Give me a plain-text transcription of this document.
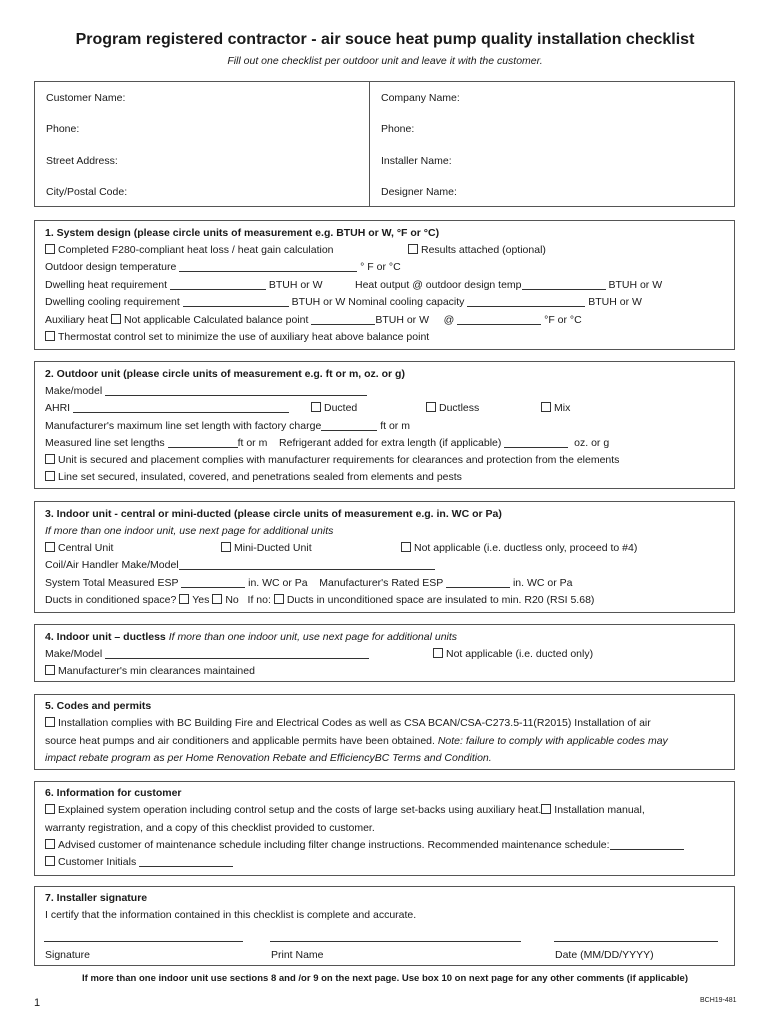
Program registered contractor - air souce heat pump quality installation checklist
Fill out one checklist per outdoor unit and leave it with the customer.
Customer Name:
Phone:
Street Address:
City/Postal Code:
Company Name:
Phone:
Installer Name:
Designer Name:
1. System design (please circle units of measurement e.g. BTUH or W, °F or °C)
Completed F280-compliant heat loss / heat gain calculation	Results attached (optional)
Outdoor design temperature	° F or °C
Dwelling heat requirement	BTUH or W	Heat output @ outdoor design temp	BTUH or W
Dwelling cooling requirement	BTUH or W Nominal cooling capacity	BTUH or W
Auxiliary heat Not applicable Calculated balance point	BTUH or W @	°F or °C
Thermostat control set to minimize the use of auxiliary heat above balance point
2. Outdoor unit (please circle units of measurement e.g. ft or m, oz. or g)
Make/model
AHRI	Ducted	Ductless	Mix
Manufacturer's maximum line set length with factory charge	ft or m
Measured line set lengths	ft or m Refrigerant added for extra length (if applicable)	oz. or g
Unit is secured and placement complies with manufacturer requirements for clearances and protection from the elements
Line set secured, insulated, covered, and penetrations sealed from elements and pests
3. Indoor unit - central or mini-ducted (please circle units of measurement e.g. in. WC or Pa)
If more than one indoor unit, use next page for additional units
Central Unit	Mini-Ducted Unit	Not applicable (i.e. ductless only, proceed to #4)
Coil/Air Handler Make/Model
System Total Measured ESP	in. WC or Pa Manufacturer's Rated ESP	in. WC or Pa
Ducts in conditioned space? Yes No If no: Ducts in unconditioned space are insulated to min. R20 (RSI 5.68)
4. Indoor unit – ductless If more than one indoor unit, use next page for additional units
Make/Model	Not applicable (i.e. ducted only)
Manufacturer's min clearances maintained
5. Codes and permits
Installation complies with BC Building Fire and Electrical Codes as well as CSA BCAN/CSA-C273.5-11(R2015) Installation of air
source heat pumps and air conditioners and applicable permits have been obtained. Note: failure to comply with applicable codes may
impact rebate program as per Home Renovation Rebate and EfficiencyBC Terms and Condition.
6. Information for customer
Explained system operation including control setup and the costs of large set-backs using auxiliary heat. Installation manual,
warranty registration, and a copy of this checklist provided to customer.
Advised customer of maintenance schedule including filter change instructions. Recommended maintenance schedule:
Customer Initials
7. Installer signature
I certify that the information contained in this checklist is complete and accurate.
Signature	Print Name	Date (MM/DD/YYYY)
If more than one indoor unit use sections 8 and /or 9 on the next page. Use box 10 on next page for any other comments (if applicable)
1	BCH19-481
